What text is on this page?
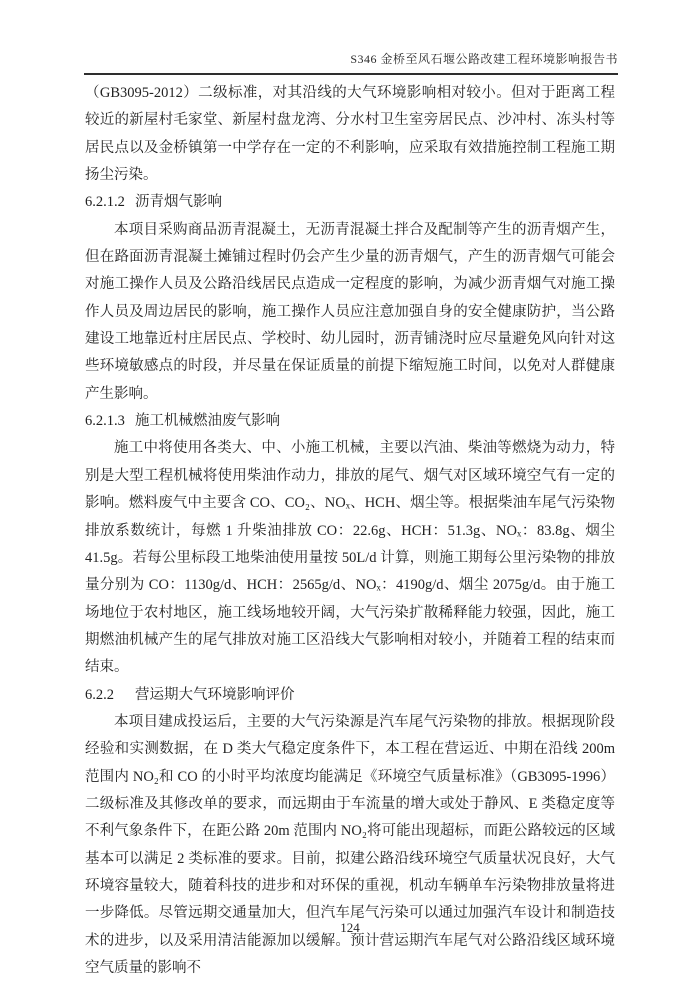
S346 金桥至风石堰公路改建工程环境影响报告书

（GB3095-2012）二级标准，对其沿线的大气环境影响相对较小。但对于距离工程较近的新屋村毛家堂、新屋村盘龙湾、分水村卫生室旁居民点、沙冲村、冻头村等居民点以及金桥镇第一中学存在一定的不利影响，应采取有效措施控制工程施工期扬尘污染。

6.2.1.2 沥青烟气影响

本项目采购商品沥青混凝土，无沥青混凝土拌合及配制等产生的沥青烟产生，但在路面沥青混凝土摊铺过程时仍会产生少量的沥青烟气，产生的沥青烟气可能会对施工操作人员及公路沿线居民点造成一定程度的影响，为减少沥青烟气对施工操作人员及周边居民的影响，施工操作人员应注意加强自身的安全健康防护，当公路建设工地靠近村庄居民点、学校时、幼儿园时，沥青铺浇时应尽量避免风向针对这些环境敏感点的时段，并尽量在保证质量的前提下缩短施工时间，以免对人群健康产生影响。

6.2.1.3 施工机械燃油废气影响

施工中将使用各类大、中、小施工机械，主要以汽油、柴油等燃烧为动力，特别是大型工程机械将使用柴油作动力，排放的尾气、烟气对区域环境空气有一定的影响。燃料废气中主要含 CO、CO₂、NOₓ、HCH、烟尘等。根据柴油车尾气污染物排放系数统计，每燃 1 升柴油排放 CO：22.6g、HCH：51.3g、NOₓ：83.8g、烟尘 41.5g。若每公里标段工地柴油使用量按 50L/d 计算，则施工期每公里污染物的排放量分别为 CO：1130g/d、HCH：2565g/d、NOₓ：4190g/d、烟尘 2075g/d。由于施工场地位于农村地区，施工线场地较开阔，大气污染扩散稀释能力较强，因此，施工期燃油机械产生的尾气排放对施工区沿线大气影响相对较小，并随着工程的结束而结束。

6.2.2 营运期大气环境影响评价

本项目建成投运后，主要的大气污染源是汽车尾气污染物的排放。根据现阶段经验和实测数据，在 D 类大气稳定度条件下，本工程在营运近、中期在沿线 200m 范围内 NO₂和 CO 的小时平均浓度均能满足《环境空气质量标准》（GB3095-1996）二级标准及其修改单的要求，而远期由于车流量的增大或处于静风、E 类稳定度等不利气象条件下，在距公路 20m 范围内 NO₂将可能出现超标，而距公路较远的区域基本可以满足 2 类标准的要求。目前，拟建公路沿线环境空气质量状况良好，大气环境容量较大，随着科技的进步和对环保的重视，机动车辆单车污染物排放量将进一步降低。尽管远期交通量加大，但汽车尾气污染可以通过加强汽车设计和制造技术的进步，以及采用清洁能源加以缓解。预计营运期汽车尾气对公路沿线区域环境空气质量的影响不

124
